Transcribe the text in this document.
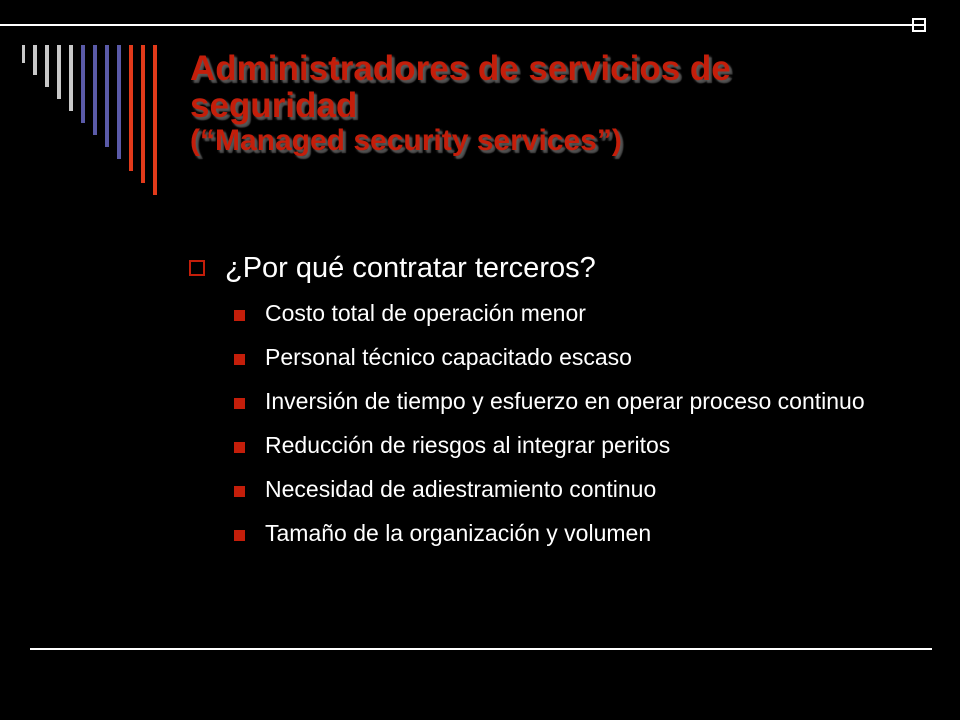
Administradores de servicios de
seguridad
(“Managed security services”)
¿Por qué contratar terceros?
Costo total de operación menor
Personal técnico capacitado escaso
Inversión de tiempo y esfuerzo en operar proceso continuo
Reducción de riesgos al integrar peritos
Necesidad de adiestramiento continuo
Tamaño de la organización y volumen
